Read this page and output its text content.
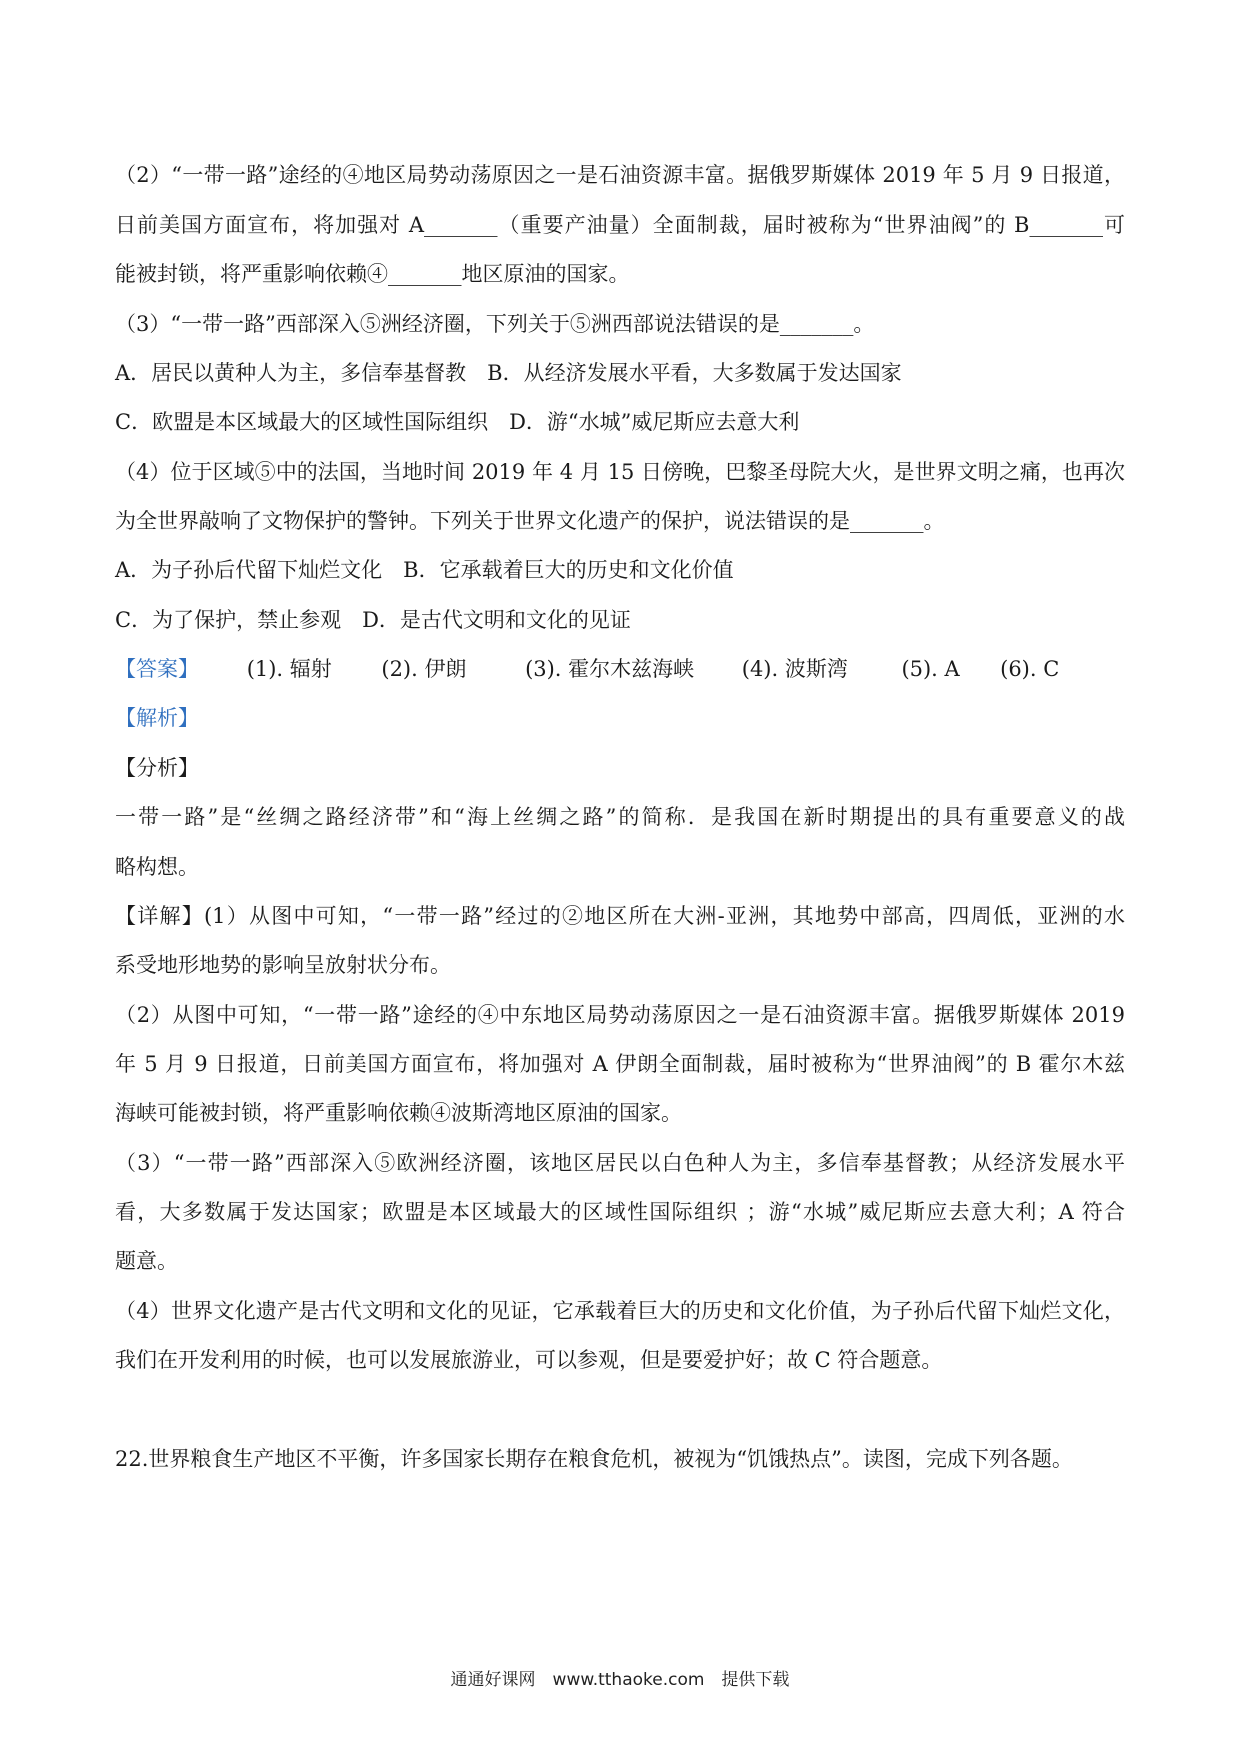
（2）“一带一路”途经的④地区局势动荡原因之一是石油资源丰富。据俄罗斯媒体 2019 年 5 月 9 日报道，
日前美国方面宣布，将加强对 A_______（重要产油量）全面制裁，届时被称为“世界油阀”的 B_______可
能被封锁，将严重影响依赖④_______地区原油的国家。
（3）“一带一路”西部深入⑤洲经济圈，下列关于⑤洲西部说法错误的是_______。
A．居民以黄种人为主，多信奉基督教　B．从经济发展水平看，大多数属于发达国家
C．欧盟是本区域最大的区域性国际组织　D．游“水城”威尼斯应去意大利
（4）位于区域⑤中的法国，当地时间 2019 年 4 月 15 日傍晚，巴黎圣母院大火，是世界文明之痛，也再次
为全世界敲响了文物保护的警钟。下列关于世界文化遗产的保护，说法错误的是_______。
A．为子孙后代留下灿烂文化　B．它承载着巨大的历史和文化价值
C．为了保护，禁止参观　D．是古代文明和文化的见证
【答案】 (1). 辐射 (2). 伊朗	(3). 霍尔木兹海峡 (4). 波斯湾	(5). A (6). C
【解析】
【分析】
一带一路”是“丝绸之路经济带”和“海上丝绸之路”的简称．是我国在新时期提出的具有重要意义的战
略构想。
【详解】(1）从图中可知，“一带一路”经过的②地区所在大洲-亚洲，其地势中部高，四周低，亚洲的水
系受地形地势的影响呈放射状分布。
（2）从图中可知，“一带一路”途经的④中东地区局势动荡原因之一是石油资源丰富。据俄罗斯媒体 2019
年 5 月 9 日报道，日前美国方面宣布，将加强对 A 伊朗全面制裁，届时被称为“世界油阀”的 B 霍尔木兹
海峡可能被封锁，将严重影响依赖④波斯湾地区原油的国家。
（3）“一带一路”西部深入⑤欧洲经济圈，该地区居民以白色种人为主，多信奉基督教；从经济发展水平
看，大多数属于发达国家；欧盟是本区域最大的区域性国际组织 ；游“水城”威尼斯应去意大利；A 符合
题意。
（4）世界文化遗产是古代文明和文化的见证，它承载着巨大的历史和文化价值，为子孙后代留下灿烂文化，
我们在开发利用的时候，也可以发展旅游业，可以参观，但是要爱护好；故 C 符合题意。
22.世界粮食生产地区不平衡，许多国家长期存在粮食危机，被视为“饥饿热点”。读图，完成下列各题。
通通好课网　www.tthaoke.com　提供下载
